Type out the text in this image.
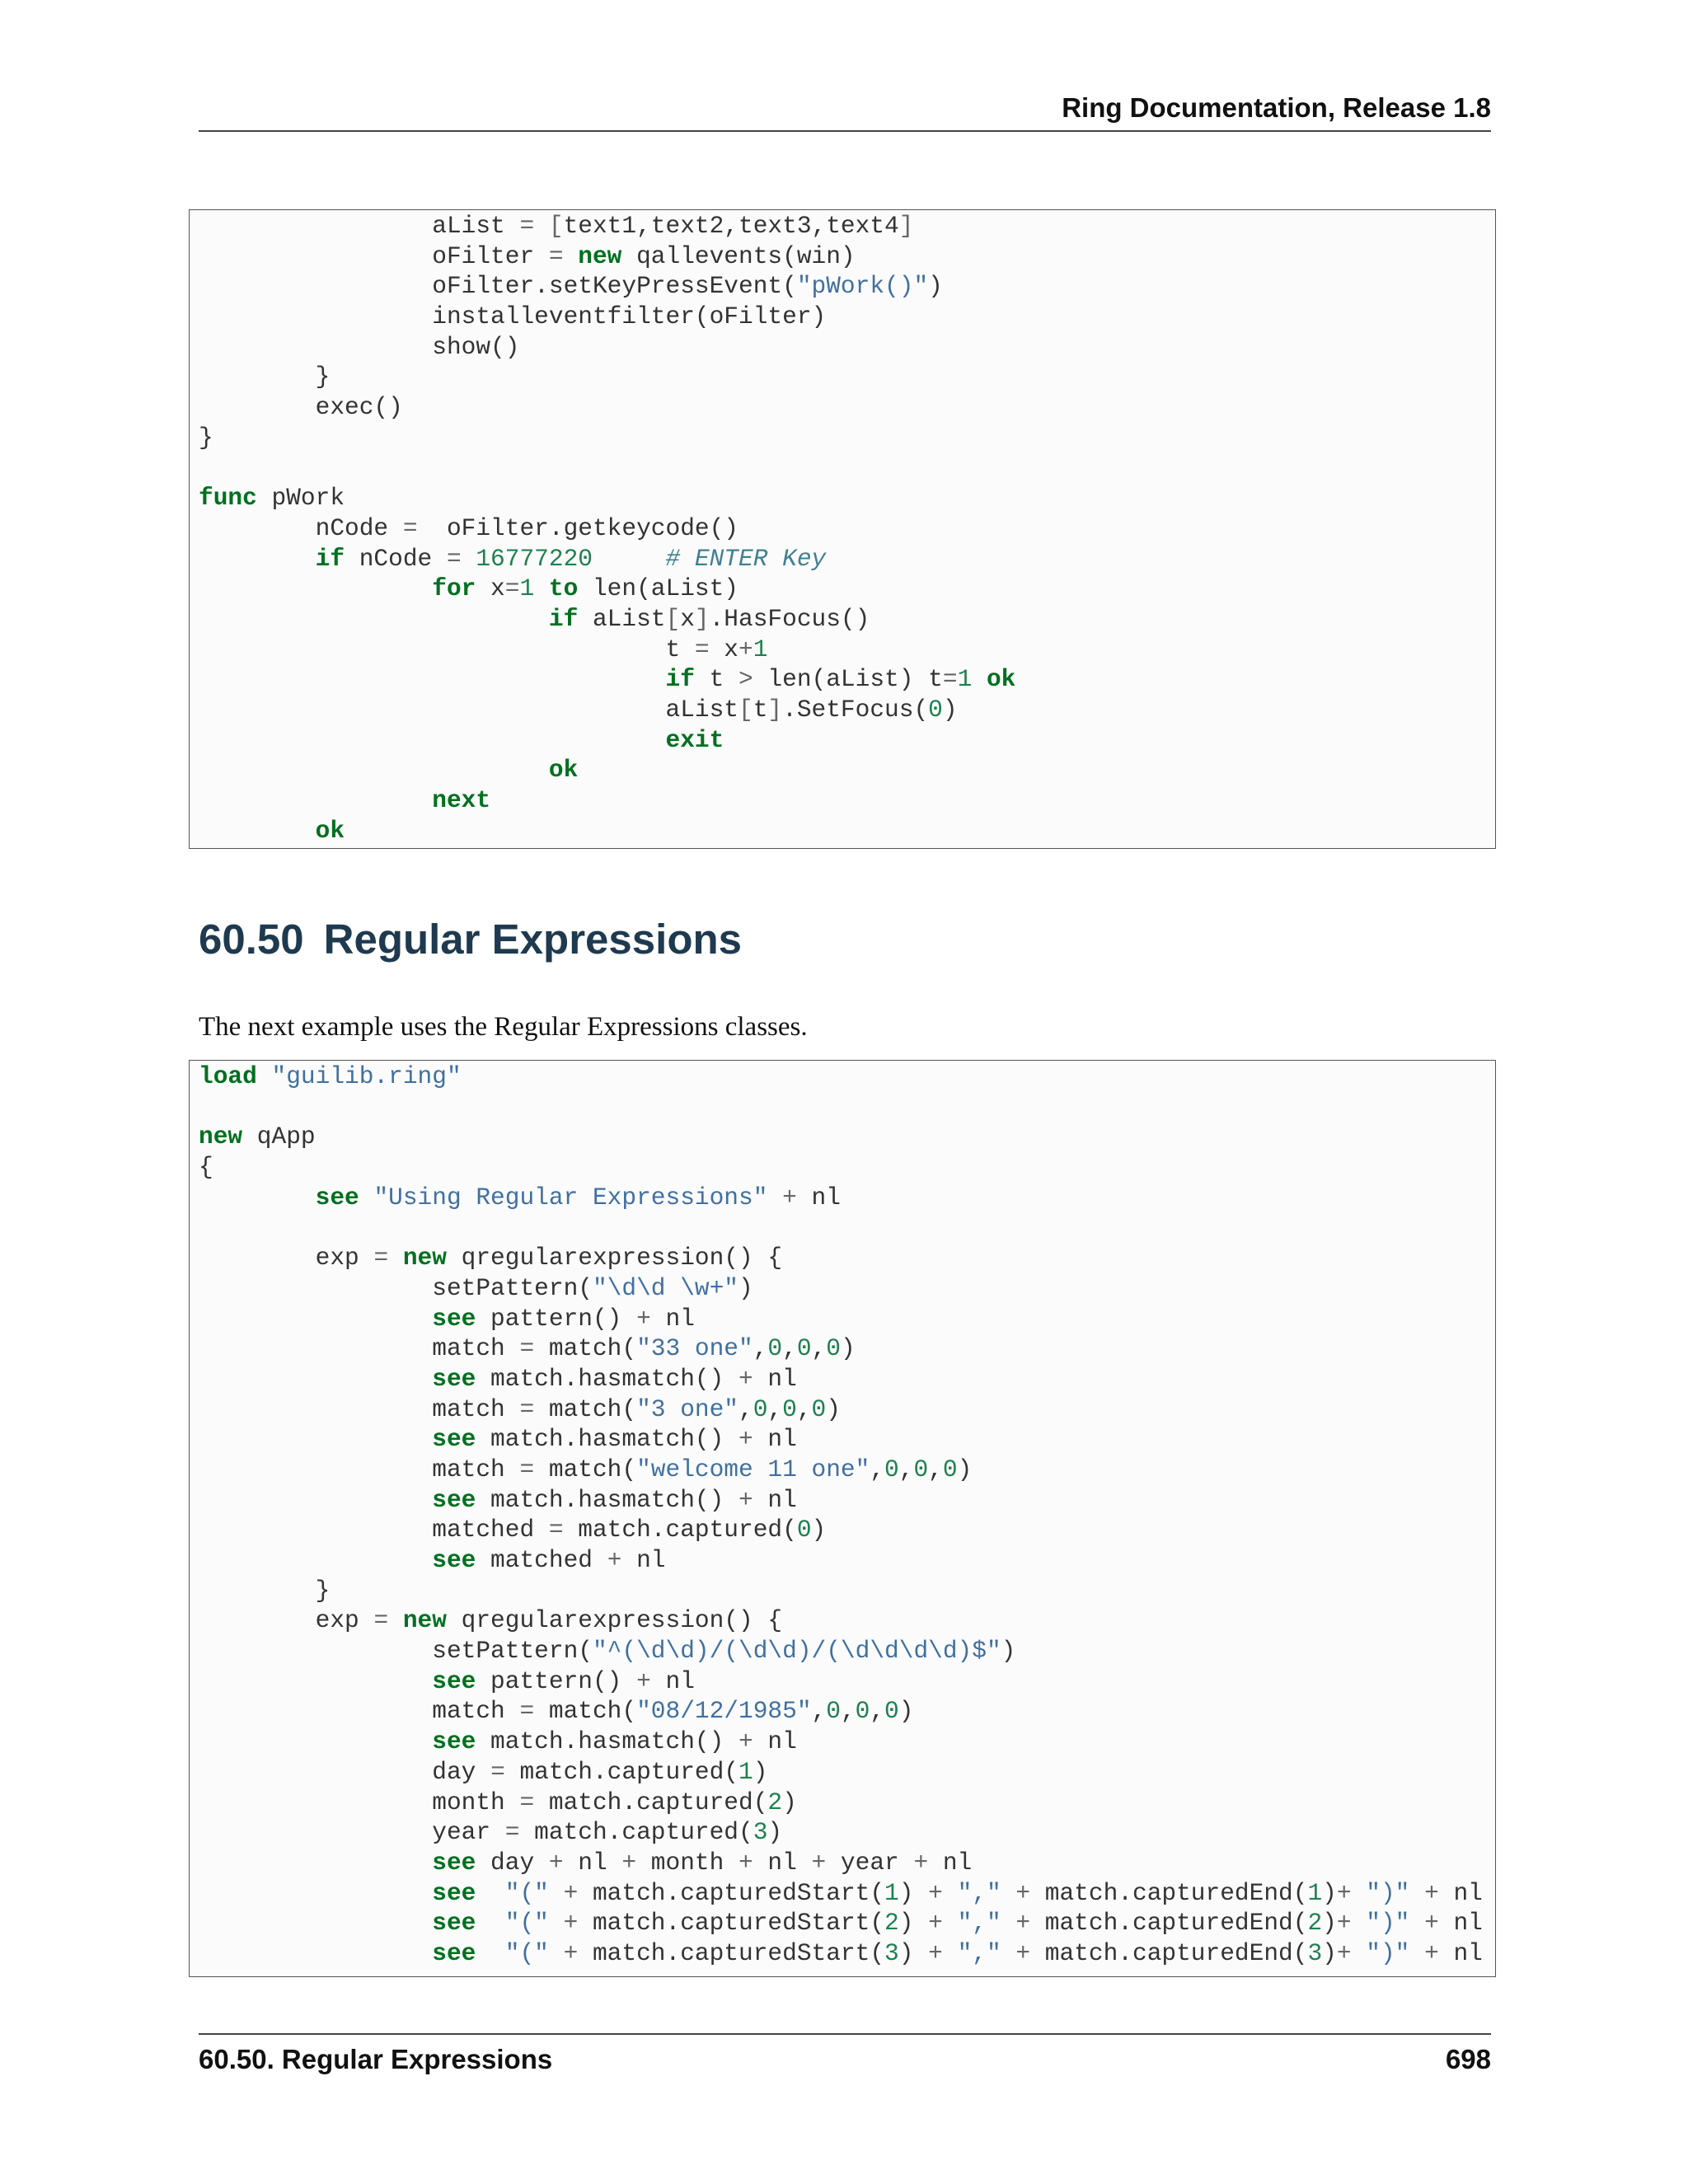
Ring Documentation, Release 1.8
aList = [text1,text2,text3,text4]
oFilter = new qallevents(win)
oFilter.setKeyPressEvent("pWork()")
installeventfilter(oFilter)
show()
}
exec()
}
func pWork
nCode =  oFilter.getkeycode()
if nCode = 16777220	# ENTER Key
for x=1 to len(aList)
if aList[x].HasFocus()
t = x+1
if t > len(aList) t=1 ok
aList[t].SetFocus(0)
exit
ok
next
ok
60.50 Regular Expressions
The next example uses the Regular Expressions classes.
load "guilib.ring"
new qApp
{
see "Using Regular Expressions" + nl
exp = new qregularexpression() {
setPattern("\d\d \w+")
see pattern() + nl
match = match("33 one",0,0,0)
see match.hasmatch() + nl
match = match("3 one",0,0,0)
see match.hasmatch() + nl
match = match("welcome 11 one",0,0,0)
see match.hasmatch() + nl
matched = match.captured(0)
see matched + nl
}
exp = new qregularexpression() {
setPattern("^(\d\d)/(\d\d)/(\d\d\d\d)$")
see pattern() + nl
match = match("08/12/1985",0,0,0)
see match.hasmatch() + nl
day = match.captured(1)
month = match.captured(2)
year = match.captured(3)
see day + nl + month + nl + year + nl
see "(" + match.capturedStart(1) + "," + match.capturedEnd(1)+ ")" + nl
see "(" + match.capturedStart(2) + "," + match.capturedEnd(2)+ ")" + nl
see "(" + match.capturedStart(3) + "," + match.capturedEnd(3)+ ")" + nl
60.50. Regular Expressions	698
